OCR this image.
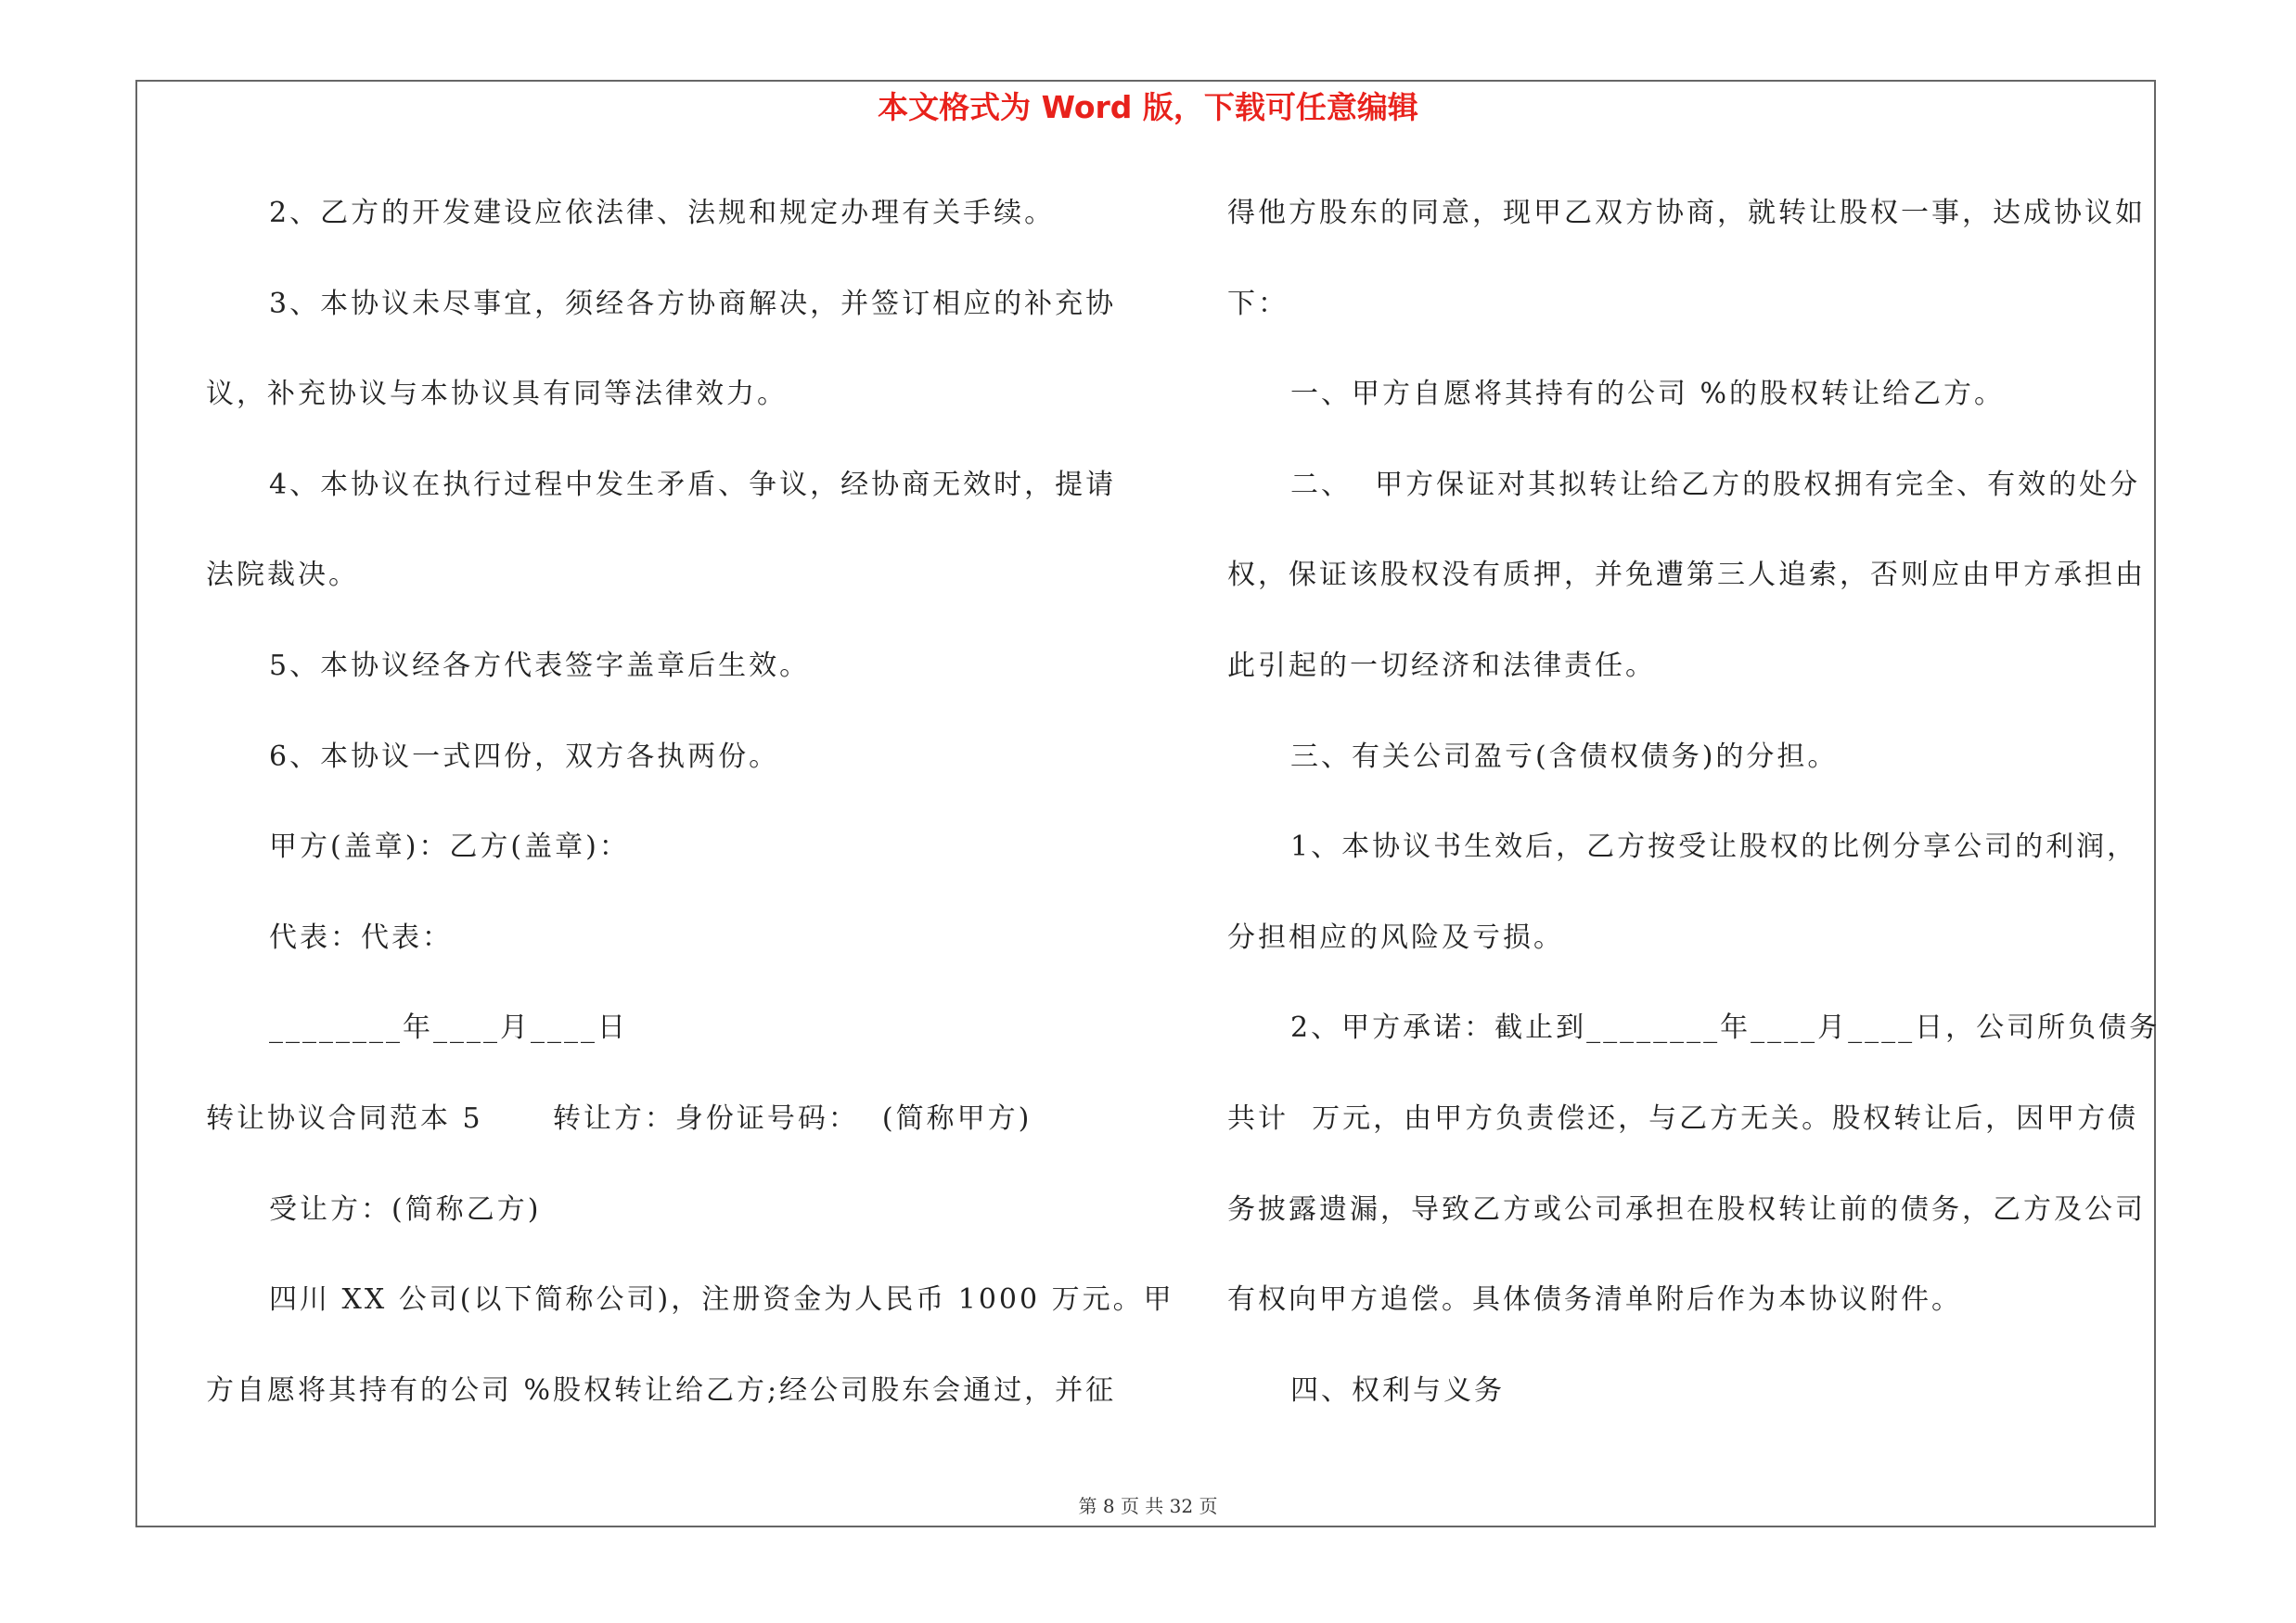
本文格式为 Word 版，下载可任意编辑
2、乙方的开发建设应依法律、法规和规定办理有关手续。
3、本协议未尽事宜，须经各方协商解决，并签订相应的补充协
议，补充协议与本协议具有同等法律效力。
4、本协议在执行过程中发生矛盾、争议，经协商无效时，提请
法院裁决。
5、本协议经各方代表签字盖章后生效。
6、本协议一式四份，双方各执两份。
甲方(盖章)：乙方(盖章)：
代表：代表：
________年____月____日
转让协议合同范本 5      转让方：身份证号码：  (简称甲方)
受让方：(简称乙方)
四川 XX 公司(以下简称公司)，注册资金为人民币 1000 万元。甲
方自愿将其持有的公司 %股权转让给乙方;经公司股东会通过，并征
得他方股东的同意，现甲乙双方协商，就转让股权一事，达成协议如
下：
一、甲方自愿将其持有的公司 %的股权转让给乙方。
二、  甲方保证对其拟转让给乙方的股权拥有完全、有效的处分
权，保证该股权没有质押，并免遭第三人追索，否则应由甲方承担由
此引起的一切经济和法律责任。
三、有关公司盈亏(含债权债务)的分担。
1、本协议书生效后，乙方按受让股权的比例分享公司的利润，
分担相应的风险及亏损。
2、甲方承诺：截止到________年____月____日，公司所负债务
共计  万元，由甲方负责偿还，与乙方无关。股权转让后，因甲方债
务披露遗漏，导致乙方或公司承担在股权转让前的债务，乙方及公司
有权向甲方追偿。具体债务清单附后作为本协议附件。
四、权利与义务
第 8 页 共 32 页
